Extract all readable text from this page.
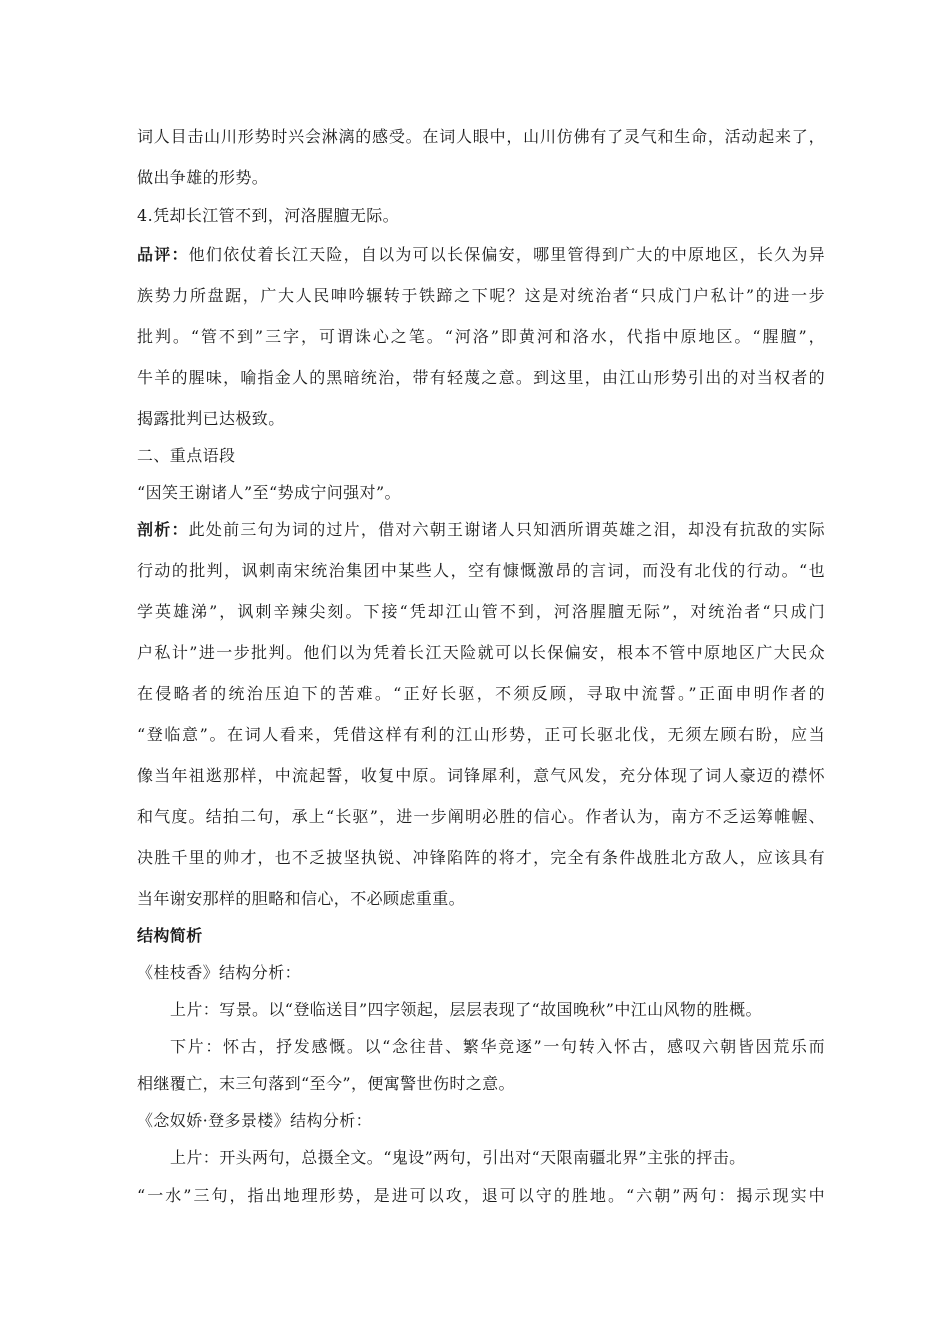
词人目击山川形势时兴会淋漓的感受。在词人眼中，山川仿佛有了灵气和生命，活动起来了，
做出争雄的形势。
4.凭却长江管不到，河洛腥膻无际。
品评：他们依仗着长江天险，自以为可以长保偏安，哪里管得到广大的中原地区，长久为异
族势力所盘踞，广大人民呻吟辗转于铁蹄之下呢？这是对统治者“只成门户私计”的进一步
批判。“管不到”三字，可谓诛心之笔。“河洛”即黄河和洛水，代指中原地区。“腥膻”，
牛羊的腥味，喻指金人的黑暗统治，带有轻蔑之意。到这里，由江山形势引出的对当权者的
揭露批判已达极致。
二、重点语段
“因笑王谢诸人”至“势成宁问强对”。
剖析：此处前三句为词的过片，借对六朝王谢诸人只知洒所谓英雄之泪，却没有抗敌的实际
行动的批判，讽刺南宋统治集团中某些人，空有慷慨激昂的言词，而没有北伐的行动。“也
学英雄涕”，讽刺辛辣尖刻。下接“凭却江山管不到，河洛腥膻无际”，对统治者“只成门
户私计”进一步批判。他们以为凭着长江天险就可以长保偏安，根本不管中原地区广大民众
在侵略者的统治压迫下的苦难。“正好长驱，不须反顾，寻取中流誓。”正面申明作者的
“登临意”。在词人看来，凭借这样有利的江山形势，正可长驱北伐，无须左顾右盼，应当
像当年祖逖那样，中流起誓，收复中原。词锋犀利，意气风发，充分体现了词人豪迈的襟怀
和气度。结拍二句，承上“长驱”，进一步阐明必胜的信心。作者认为，南方不乏运筹帷幄、
决胜千里的帅才，也不乏披坚执锐、冲锋陷阵的将才，完全有条件战胜北方敌人，应该具有
当年谢安那样的胆略和信心，不必顾虑重重。
结构简析
《桂枝香》结构分析：
上片：写景。以“登临送目”四字领起，层层表现了“故国晚秋”中江山风物的胜概。
下片：怀古，抒发感慨。以“念往昔、繁华竞逐”一句转入怀古，感叹六朝皆因荒乐而
相继覆亡，末三句落到“至今”，便寓警世伤时之意。
《念奴娇·登多景楼》结构分析：
上片：开头两句，总摄全文。“鬼设”两句，引出对“天限南疆北界”主张的抨击。
“一水”三句，指出地理形势，是进可以攻，退可以守的胜地。“六朝”两句：揭示现实中
